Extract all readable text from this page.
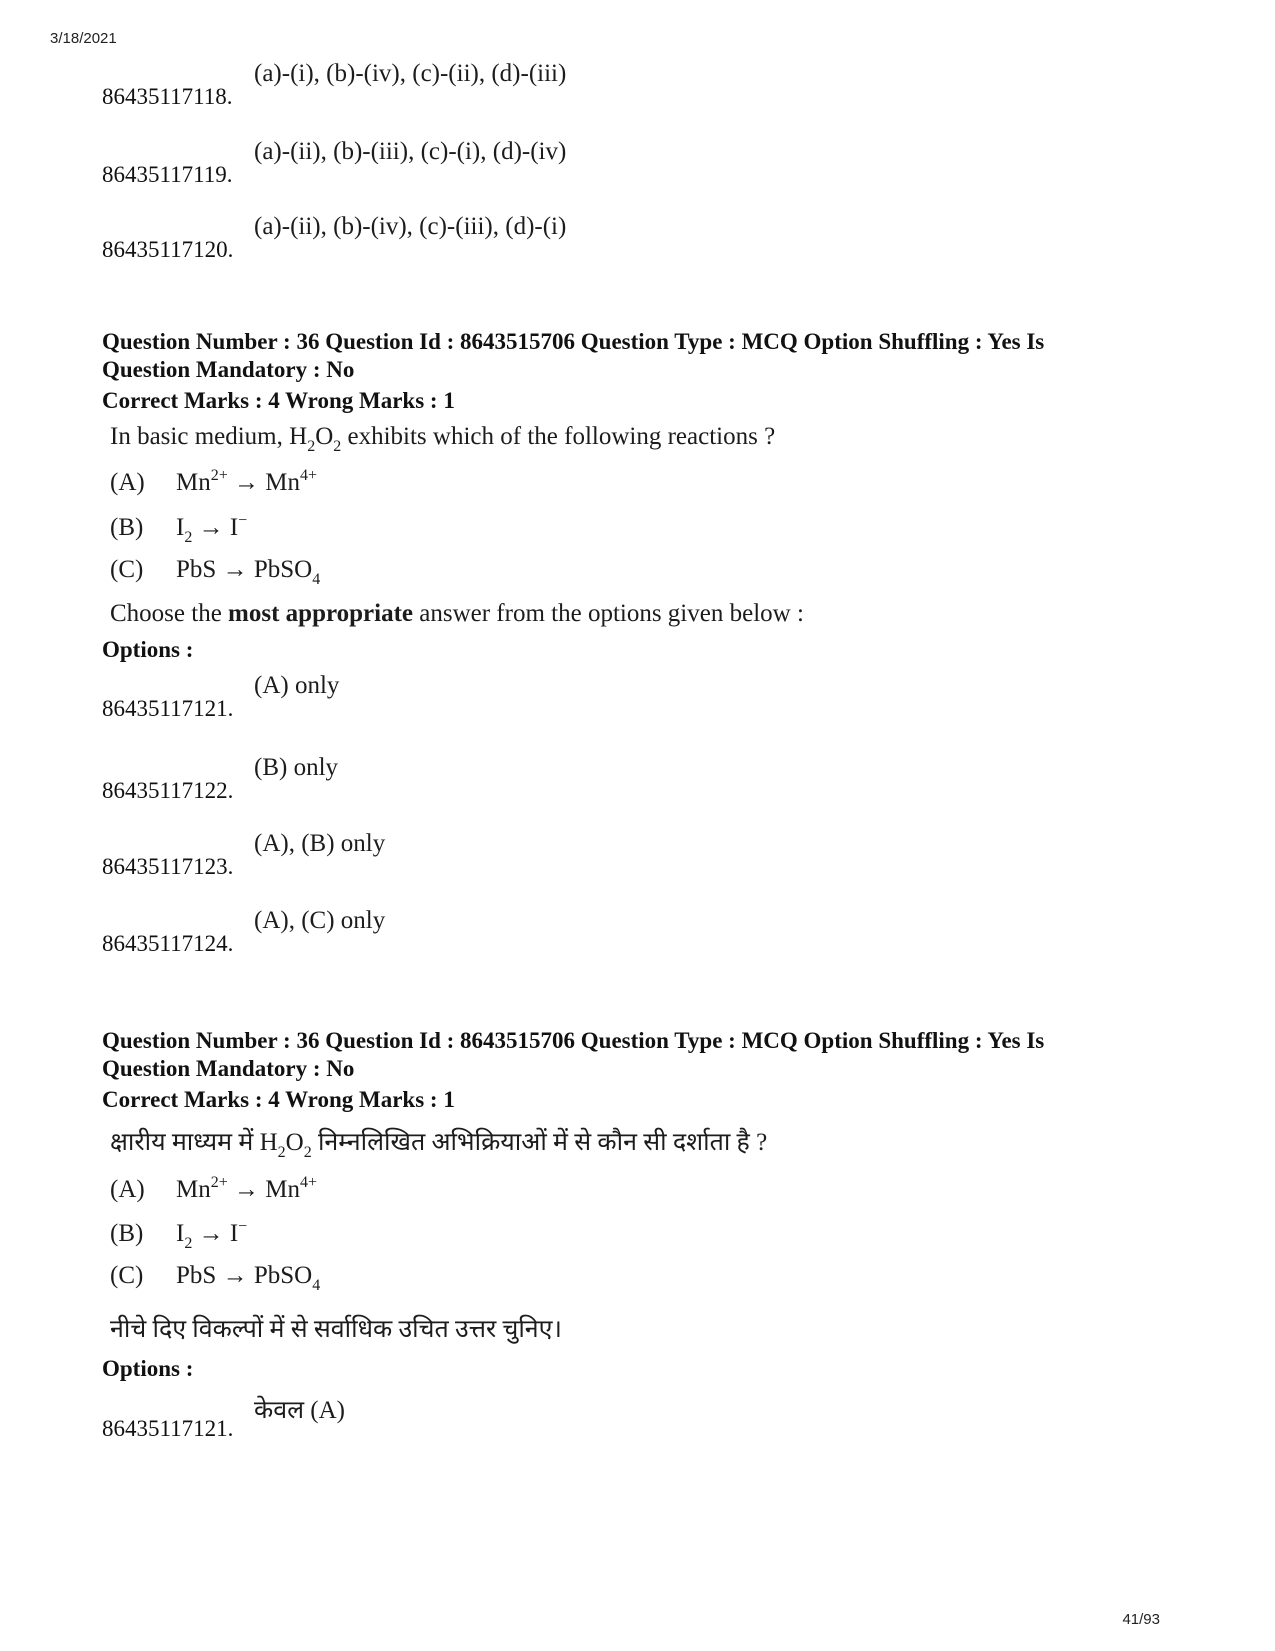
3/18/2021
86435117118.
(a)-(i), (b)-(iv), (c)-(ii), (d)-(iii)
86435117119.
(a)-(ii), (b)-(iii), (c)-(i), (d)-(iv)
86435117120.
(a)-(ii), (b)-(iv), (c)-(iii), (d)-(i)
Question Number : 36 Question Id : 8643515706 Question Type : MCQ Option Shuffling : Yes Is
Question Mandatory : No
Correct Marks : 4 Wrong Marks : 1
In basic medium, $H_2O_2$ exhibits which of the following reactions ?
(A) $Mn^{2+} \to Mn^{4+}$
(B) $I_2 \to I^-$
(C) PbS → PbSO$_4$
Choose the most appropriate answer from the options given below :
Options :
86435117121.
(A) only
86435117122.
(B) only
86435117123.
(A), (B) only
86435117124.
(A), (C) only
Question Number : 36 Question Id : 8643515706 Question Type : MCQ Option Shuffling : Yes Is
Question Mandatory : No
Correct Marks : 4 Wrong Marks : 1
क्षारीय माध्यम में $H_2O_2$ निम्नलिखित अभिक्रियाओं में से कौन सी दर्शाता है ?
(A) $Mn^{2+} \to Mn^{4+}$
(B) $I_2 \to I^-$
(C) PbS → PbSO$_4$
नीचे दिए विकल्पों में से सर्वाधिक उचित उत्तर चुनिए।
Options :
86435117121.
केवल (A)
41/93
